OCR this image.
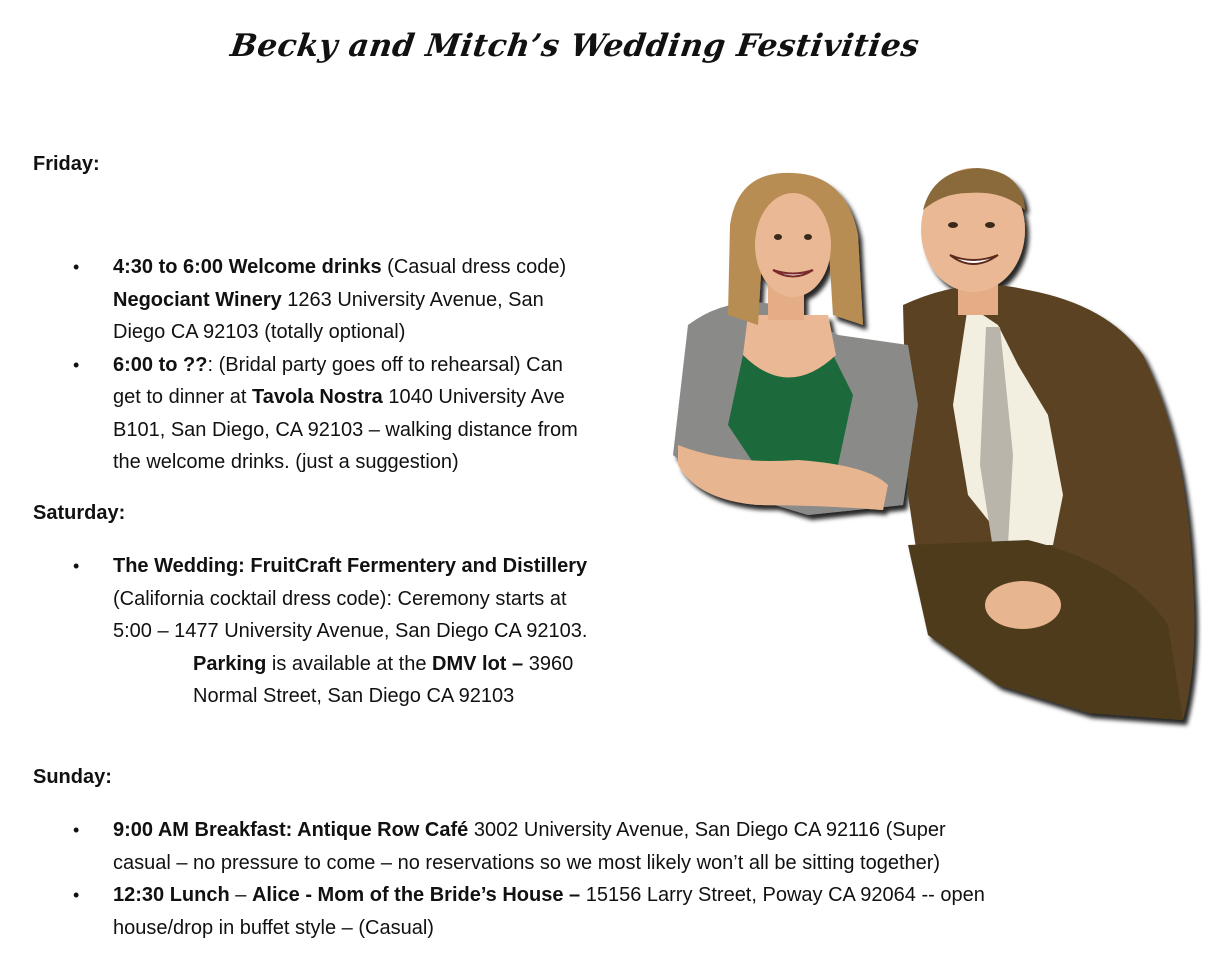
Becky and Mitch’s Wedding Festivities
Friday:
• 4:30 to 6:00 Welcome drinks (Casual dress code)
Negociant Winery 1263 University Avenue, San
Diego CA 92103 (totally optional)
• 6:00 to ??: (Bridal party goes off to rehearsal) Can
get to dinner at Tavola Nostra 1040 University Ave
B101, San Diego, CA 92103 – walking distance from
the welcome drinks. (just a suggestion)
Saturday:
• The Wedding: FruitCraft Fermentery and Distillery
(California cocktail dress code): Ceremony starts at
5:00 – 1477 University Avenue, San Diego CA 92103.

Parking is available at the DMV lot – 3960
Normal Street, San Diego CA 92103
Sunday:
• 9:00 AM Breakfast: Antique Row Café 3002 University Avenue, San Diego CA 92116 (Super
casual – no pressure to come – no reservations so we most likely won’t all be sitting together)
• 12:30 Lunch – Alice - Mom of the Bride’s House – 15156 Larry Street, Poway CA 92064 -- open
house/drop in buffet style – (Casual)
